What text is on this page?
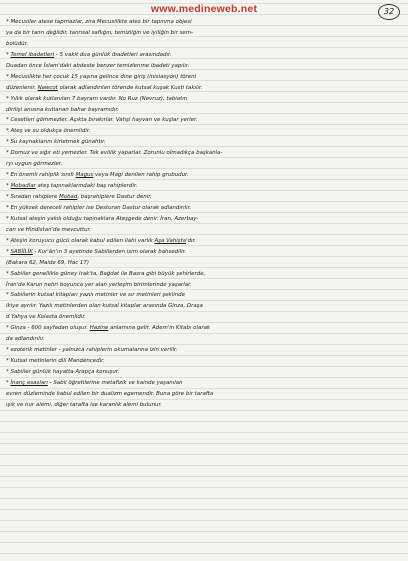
www.medineweb.net	32
* Mecusiler atese tapmazlar, zira Mecusilikte ates bir tapınma objesi
ya da bir tanrı değildir, tanrısal saflığın, temizliğin ve iyiliğin bir sem-
bolüdür.
* Temel ibadetleri - 5 vakit dua günlük ibadetleri arasındadır.
Duadan önce İslam'daki abdeste benzer temizlenme ibadeti yapılır.
* Mecusilikte her çocuk 15 yaşına gelince dine giriş (inisiasyon) töreni
düzenlenir. Nawcot olarak adlandırılan törende kutsal kuşak Kusti takılır.
* Yıllık olarak kutlanılan 7 bayram vardır. No Ruz (Nevruz), tabiatın
dirilişi anısına kutlanan bahar bayramıdır.
* Cesetleri gömmezler. Açıkta bırakırlar. Vahşi hayvan ve kuşlar yerler.
* Ateş ve su oldukça önemlidir.
* Su kaynaklarını kirletmek günahtır.
* Domuz ve sığır eti yemezler. Tek evlilik yaparlar. Zorunlu olmadıkça başkanla-
ryı uygun görmezler.
* En önemli rahiplik sınıfı Magus veya Magi denilen rahip grubudur.
* Mobadlar ateş tapınaklarındaki baş rahiplerdir.
* Sıradan rahiplere Mobad, başrahiplere Dastur denir.
* En yüksek dereceli rahipler ise Desturan Dastur olarak adlandırılır.
* Kutsal ateşin yakılı olduğu tapınaklara Ateşgede denir. İran, Azerbay-
can ve Hindistan'da mevcuttur.
* Ateşin koruyucu gücü olarak kabul edilen ilahi varlık Aşa Vahişta'dır.
* SABİİLİK - Kur'ân'ın 3 ayetinde Sabiilerden isim olarak bahsedilir.
(Bakara 62, Maide 69, Hac 17)
* Sabiiler genellikle güney Irak'ta, Bağdat ile Basra gibi büyük şehirlerde,
İran'da Karun nehri boyunca yer alan yerleşim birimlerinde yaşarlar.
* Sabiilerin kutsal kitapları yazılı metinler ve sır metinleri şeklinde
ikiye ayrılır. Yazılı metinlerden olan kutsal kitaplar arasında Ginza, Draşa
d Yahya ve Kolasta önemlidir.
* Ginza - 600 sayfadan oluşur. Hazine anlamına gelir. Adem'in Kitabı olarak
da adlandırılır.
* ezoterik metinler - yalnızca rahiplerin okumalarına izin verilir.
* Kutsal metinlerin dili Mandencedir.
* Sabiiler günlük hayatta Arapça konuşur.
* İnanç esasları - Sabii öğretilerine metafizik ve kainde yaşanılan
evren düzleminde kabul edilen bir dualizm egemendir. Buna göre bir tarafta
ışık ve nur alemi, diğer tarafta ise karanlık alemi bulunur.
